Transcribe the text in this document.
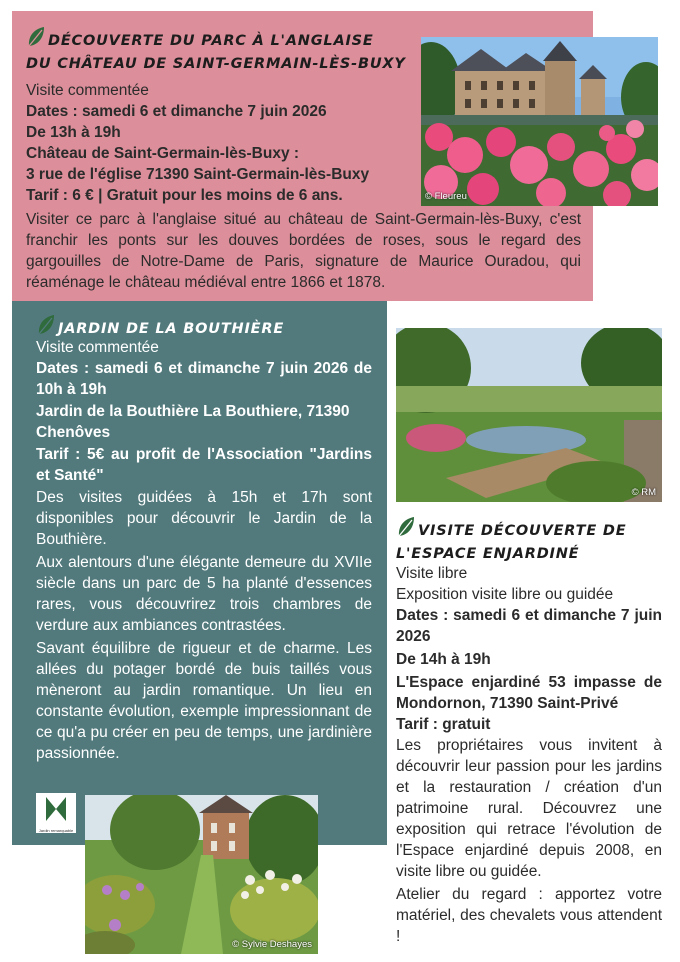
DÉCOUVERTE DU PARC À L'ANGLAISE
DU CHÂTEAU DE SAINT-GERMAIN-LÈS-BUXY

Visite commentée

Dates : samedi 6 et dimanche 7 juin 2026

De 13h à 19h

Château de Saint-Germain-lès-Buxy :

3 rue de l'église 71390 Saint-Germain-lès-Buxy

Tarif : 6 € | Gratuit pour les moins de 6 ans.

Visiter ce parc à l'anglaise situé au château de Saint-Germain-lès-Buxy, c'est franchir les ponts sur les douves bordées de roses, sous le regard des gargouilles de Notre-Dame de Paris, signature de Maurice Ouradou, qui réaménage le château médiéval entre 1866 et 1878.

© Fleureu
JARDIN DE LA BOUTHIÈRE

Visite commentée

Dates : samedi 6 et dimanche 7 juin 2026 de 10h à 19h

Jardin de la Bouthière La Bouthiere, 71390 Chenôves

Tarif : 5€ au profit de l'Association "Jardins et Santé"

Des visites guidées à 15h et 17h sont disponibles pour découvrir le Jardin de la Bouthière.

Aux alentours d'une élégante demeure du XVIIe siècle dans un parc de 5 ha planté d'essences rares, vous découvrirez trois chambres de verdure aux ambiances contrastées.

Savant équilibre de rigueur et de charme. Les allées du potager bordé de buis taillés vous mèneront au jardin romantique. Un lieu en constante évolution, exemple impressionnant de ce qu'a pu créer en peu de temps, une jardinière passionnée.

Jardin remarquable
© Sylvie Deshayes
© RM
VISITE DÉCOUVERTE DE
L'ESPACE ENJARDINÉ

Visite libre

Exposition visite libre ou guidée

Dates : samedi 6 et dimanche 7 juin 2026

De 14h à 19h

L'Espace enjardiné 53 impasse de Mondornon, 71390 Saint-Privé

Tarif : gratuit

Les propriétaires vous invitent à découvrir leur passion pour les jardins et la restauration / création d'un patrimoine rural. Découvrez une exposition qui retrace l'évolution de l'Espace enjardiné depuis 2008, en visite libre ou guidée.

Atelier du regard : apportez votre matériel, des chevalets vous attendent !
